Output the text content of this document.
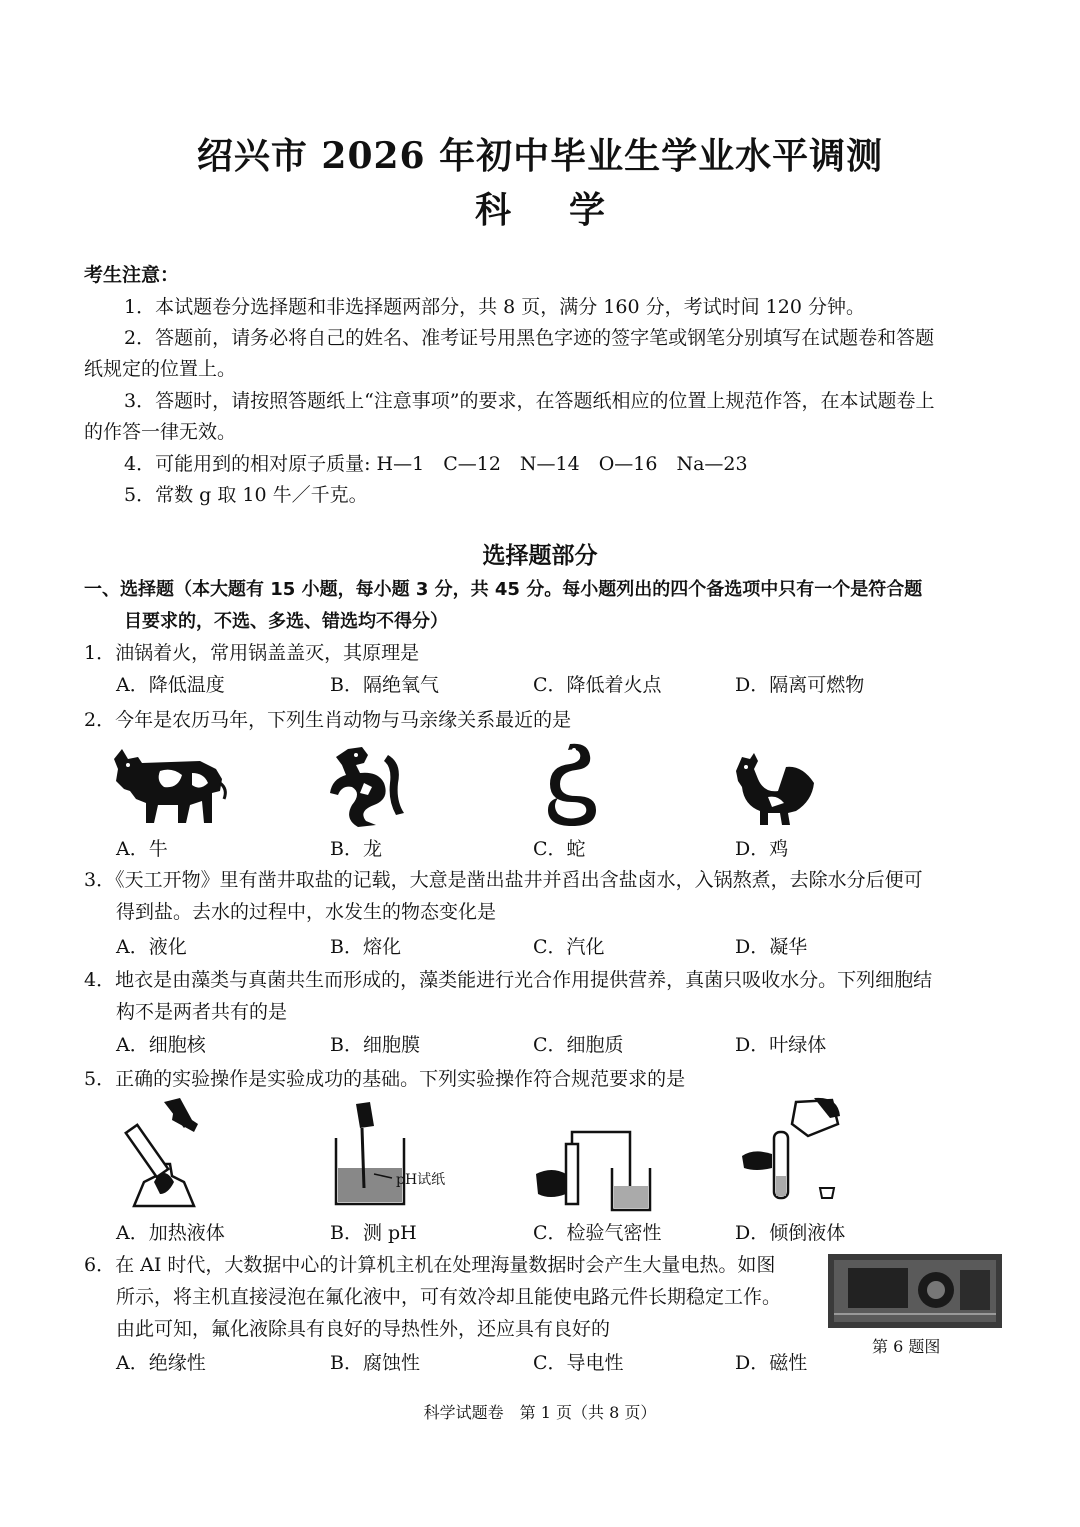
绍兴市 2026 年初中毕业生学业水平调测
科学
考生注意：
1．本试题卷分选择题和非选择题两部分，共 8 页，满分 160 分，考试时间 120 分钟。
2．答题前，请务必将自己的姓名、准考证号用黑色字迹的签字笔或钢笔分别填写在试题卷和答题
纸规定的位置上。
3．答题时，请按照答题纸上“注意事项”的要求，在答题纸相应的位置上规范作答，在本试题卷上
的作答一律无效。
4．可能用到的相对原子质量: H—1　C—12　N—14　O—16　Na—23
5．常数 g 取 10 牛／千克。
选择题部分
一、选择题（本大题有 15 小题，每小题 3 分，共 45 分。每小题列出的四个备选项中只有一个是符合题
目要求的，不选、多选、错选均不得分）
1．油锅着火，常用锅盖盖灭，其原理是
A．降低温度	B．隔绝氧气	C．降低着火点	D．隔离可燃物
2．今年是农历马年，下列生肖动物与马亲缘关系最近的是
A．牛	B．龙	C．蛇	D．鸡
3．《天工开物》里有凿井取盐的记载，大意是凿出盐井并舀出含盐卤水，入锅熬煮，去除水分后便可
得到盐。去水的过程中，水发生的物态变化是
A．液化	B．熔化	C．汽化	D．凝华
4．地衣是由藻类与真菌共生而形成的，藻类能进行光合作用提供营养，真菌只吸收水分。下列细胞结
构不是两者共有的是
A．细胞核	B．细胞膜	C．细胞质	D．叶绿体
5．正确的实验操作是实验成功的基础。下列实验操作符合规范要求的是
pH试纸
A．加热液体	B．测 pH	C．检验气密性	D．倾倒液体
6．在 AI 时代，大数据中心的计算机主机在处理海量数据时会产生大量电热。如图
所示，将主机直接浸泡在氟化液中，可有效冷却且能使电路元件长期稳定工作。
由此可知，氟化液除具有良好的导热性外，还应具有良好的
第 6 题图
A．绝缘性	B．腐蚀性	C．导电性	D．磁性
科学试题卷　第 1 页（共 8 页）
